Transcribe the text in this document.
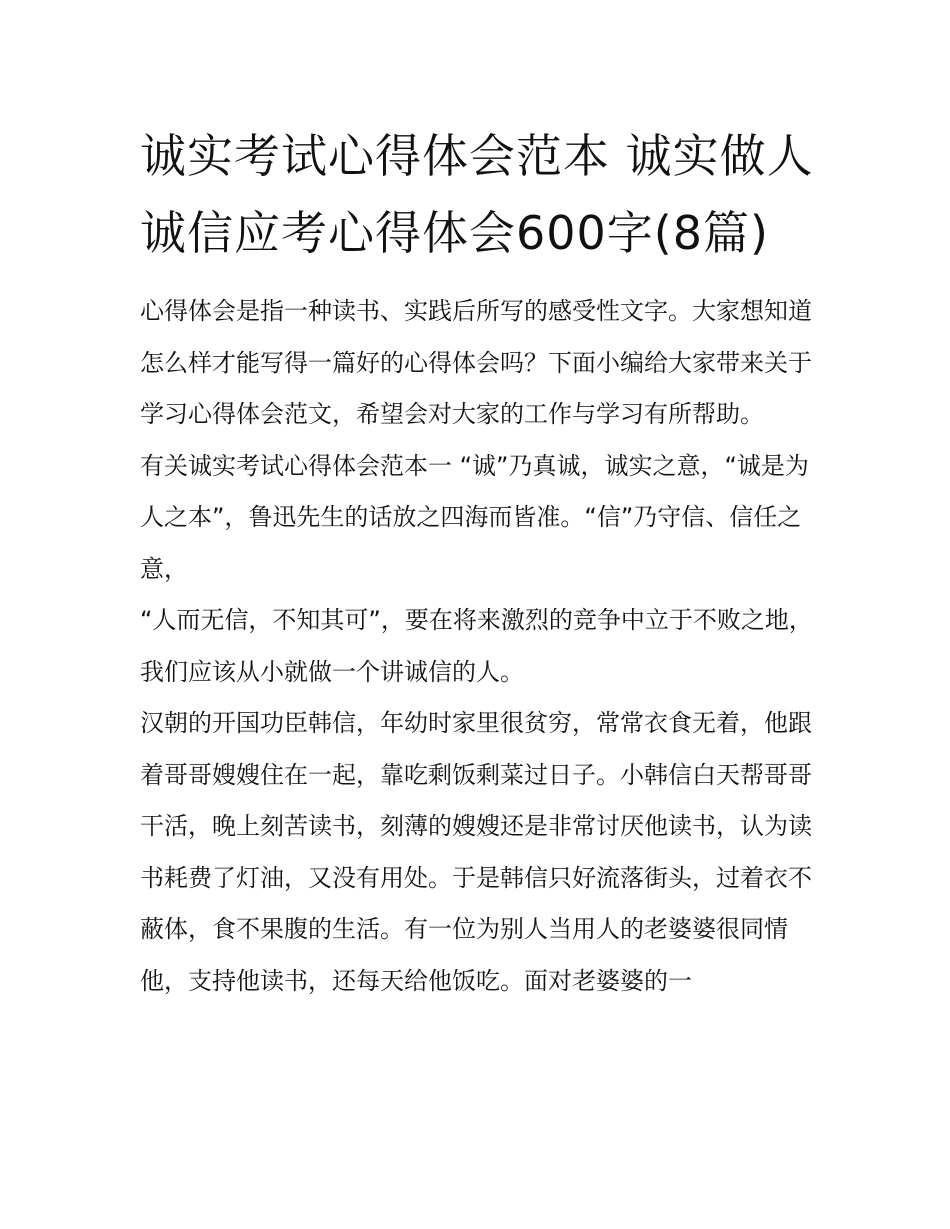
诚实考试心得体会范本 诚实做人诚信应考心得体会600字(8篇)

心得体会是指一种读书、实践后所写的感受性文字。大家想知道怎么样才能写得一篇好的心得体会吗？下面小编给大家带来关于学习心得体会范文，希望会对大家的工作与学习有所帮助。

有关诚实考试心得体会范本一 “诚”乃真诚，诚实之意，“诚是为人之本”，鲁迅先生的话放之四海而皆准。“信”乃守信、信任之意，

“人而无信，不知其可”，要在将来激烈的竞争中立于不败之地，我们应该从小就做一个讲诚信的人。

汉朝的开国功臣韩信，年幼时家里很贫穷，常常衣食无着，他跟着哥哥嫂嫂住在一起，靠吃剩饭剩菜过日子。小韩信白天帮哥哥干活，晚上刻苦读书，刻薄的嫂嫂还是非常讨厌他读书，认为读书耗费了灯油，又没有用处。于是韩信只好流落街头，过着衣不蔽体，食不果腹的生活。有一位为别人当用人的老婆婆很同情他，支持他读书，还每天给他饭吃。面对老婆婆的一
